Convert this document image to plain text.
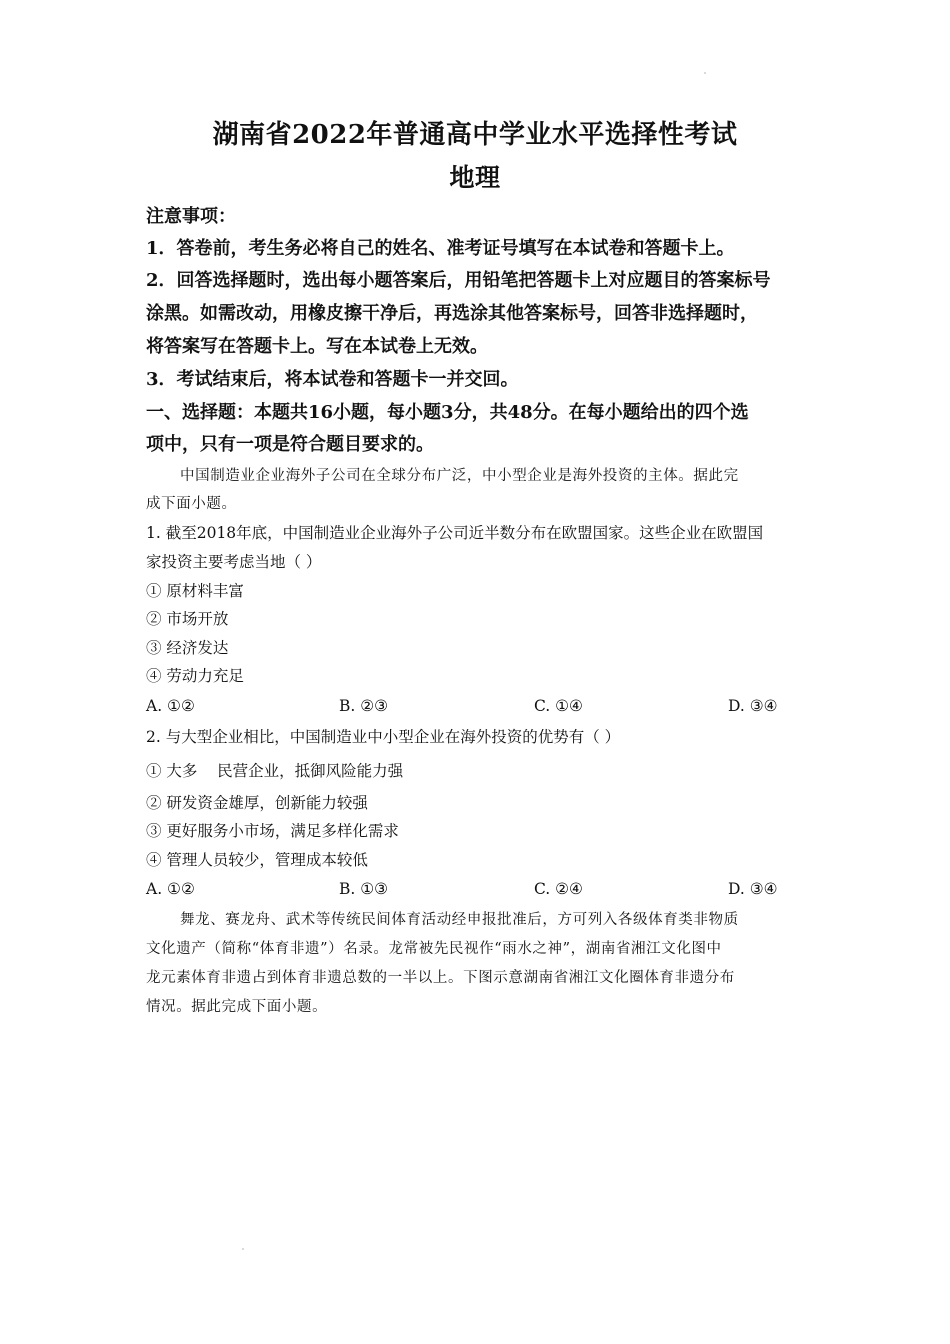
湖南省2022年普通高中学业水平选择性考试
地理
注意事项：
1．答卷前，考生务必将自己的姓名、准考证号填写在本试卷和答题卡上。
2．回答选择题时，选出每小题答案后，用铅笔把答题卡上对应题目的答案标号
涂黑。如需改动，用橡皮擦干净后，再选涂其他答案标号，回答非选择题时，
将答案写在答题卡上。写在本试卷上无效。
3．考试结束后，将本试卷和答题卡一并交回。
一、选择题：本题共16小题，每小题3分，共48分。在每小题给出的四个选
项中，只有一项是符合题目要求的。
中国制造业企业海外子公司在全球分布广泛，中小型企业是海外投资的主体。据此完
成下面小题。
1. 截至2018年底，中国制造业企业海外子公司近半数分布在欧盟国家。这些企业在欧盟国
家投资主要考虑当地（ ）
① 原材料丰富
② 市场开放
③ 经济发达
④ 劳动力充足
A. ①②	B. ②③	C. ①④	D. ③④
2. 与大型企业相比，中国制造业中小型企业在海外投资的优势有（ ）
① 大多    民营企业，抵御风险能力强
② 研发资金雄厚，创新能力较强
③ 更好服务小市场，满足多样化需求
④ 管理人员较少，管理成本较低
A. ①②	B. ①③	C. ②④	D. ③④
舞龙、赛龙舟、武术等传统民间体育活动经申报批准后，方可列入各级体育类非物质
文化遗产（简称“体育非遗”）名录。龙常被先民视作“雨水之神”，湖南省湘江文化图中
龙元素体育非遗占到体育非遗总数的一半以上。下图示意湖南省湘江文化圈体育非遗分布
情况。据此完成下面小题。
